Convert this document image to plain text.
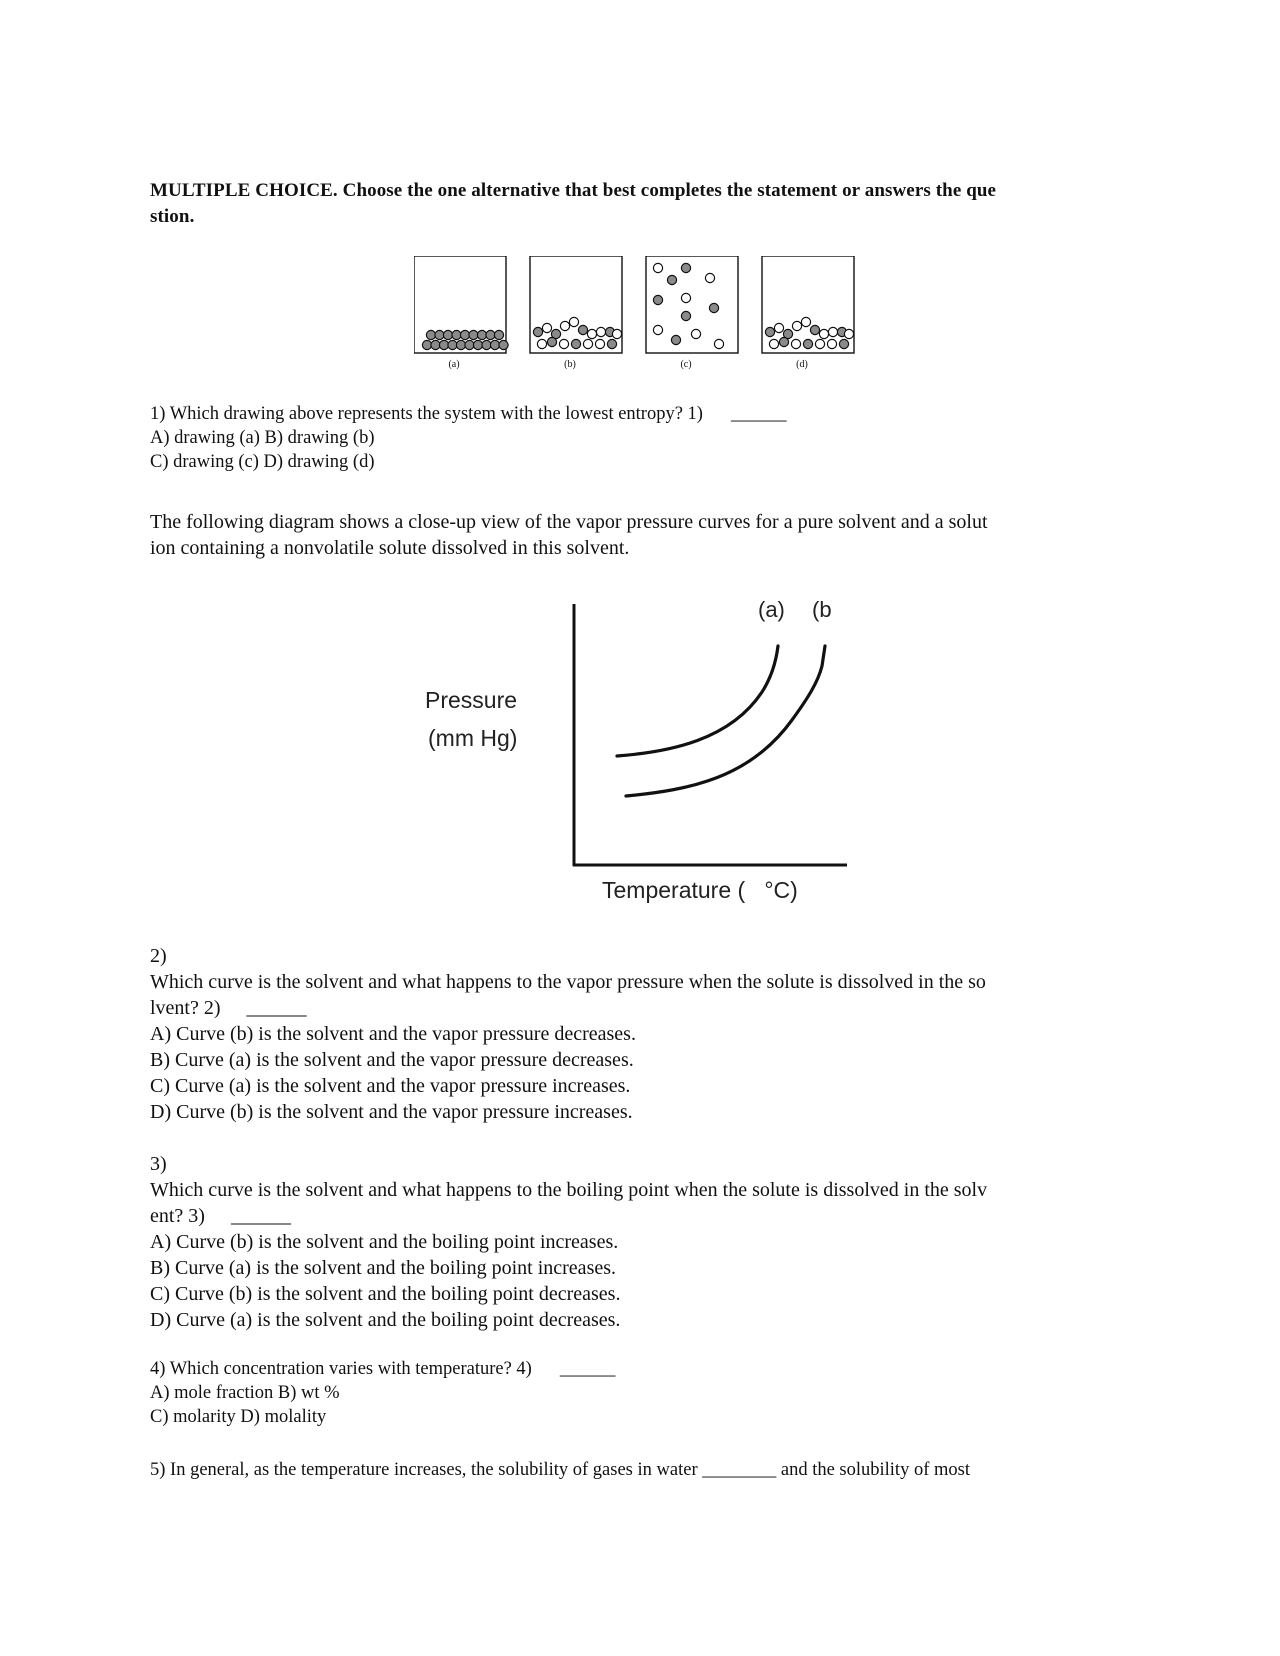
MULTIPLE CHOICE. Choose the one alternative that best completes the statement or answers the que
stion.
(a)	(b)	(c)	(d)
1) Which drawing above represents the system with the lowest entropy? 1) ______
A) drawing (a) B) drawing (b)
C) drawing (c) D) drawing (d)
The following diagram shows a close-up view of the vapor pressure curves for a pure solvent and a solut
ion containing a nonvolatile solute dissolved in this solvent.
(a) (b
Pressure
(mm Hg)
Temperature (   °C)
2)
Which curve is the solvent and what happens to the vapor pressure when the solute is dissolved in the so
lvent? 2) ______
A) Curve (b) is the solvent and the vapor pressure decreases.
B) Curve (a) is the solvent and the vapor pressure decreases.
C) Curve (a) is the solvent and the vapor pressure increases.
D) Curve (b) is the solvent and the vapor pressure increases.
3)
Which curve is the solvent and what happens to the boiling point when the solute is dissolved in the solv
ent? 3) ______
A) Curve (b) is the solvent and the boiling point increases.
B) Curve (a) is the solvent and the boiling point increases.
C) Curve (b) is the solvent and the boiling point decreases.
D) Curve (a) is the solvent and the boiling point decreases.
4) Which concentration varies with temperature? 4) ______
A) mole fraction B) wt %
C) molarity D) molality
5) In general, as the temperature increases, the solubility of gases in water ________ and the solubility of most
